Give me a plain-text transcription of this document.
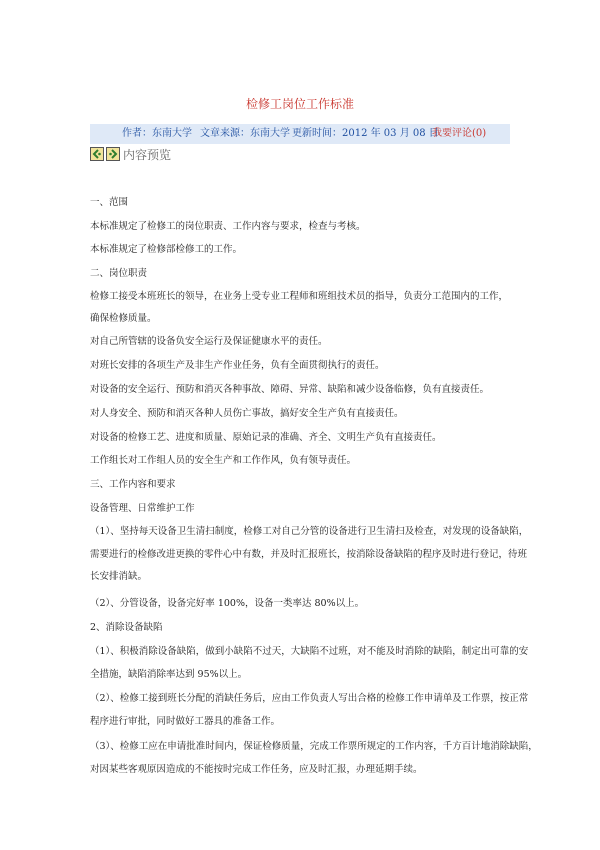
检修工岗位工作标准
作者：东南大学 文章来源：东南大学 更新时间：2012 年 03 月 08 日
我要评论(0)
内容预览
一、范围
本标准规定了检修工的岗位职责、工作内容与要求，检查与考核。
本标准规定了检修部检修工的工作。
二、岗位职责
检修工接受本班班长的领导，在业务上受专业工程师和班组技术员的指导，负责分工范围内的工作，
确保检修质量。
对自己所管辖的设备负安全运行及保证健康水平的责任。
对班长安排的各项生产及非生产作业任务，负有全面贯彻执行的责任。
对设备的安全运行、预防和消灭各种事故、障碍、异常、缺陷和减少设备临修，负有直接责任。
对人身安全、预防和消灭各种人员伤亡事故，搞好安全生产负有直接责任。
对设备的检修工艺、进度和质量、原始记录的准确、齐全、文明生产负有直接责任。
工作组长对工作组人员的安全生产和工作作风，负有领导责任。
三、工作内容和要求
设备管理、日常维护工作
（1）、坚持每天设备卫生清扫制度，检修工对自己分管的设备进行卫生清扫及检查，对发现的设备缺陷，
需要进行的检修改进更换的零件心中有数，并及时汇报班长，按消除设备缺陷的程序及时进行登记，待班
长安排消缺。
（2）、分管设备，设备完好率 100%，设备一类率达 80%以上。
2、消除设备缺陷
（1）、积极消除设备缺陷，做到小缺陷不过天，大缺陷不过班，对不能及时消除的缺陷，制定出可靠的安
全措施，缺陷消除率达到 95%以上。
（2）、检修工接到班长分配的消缺任务后，应由工作负责人写出合格的检修工作申请单及工作票，按正常
程序进行审批，同时做好工器具的准备工作。
（3）、检修工应在申请批准时间内，保证检修质量，完成工作票所规定的工作内容，千方百计地消除缺陷，
对因某些客观原因造成的不能按时完成工作任务，应及时汇报，办理延期手续。
